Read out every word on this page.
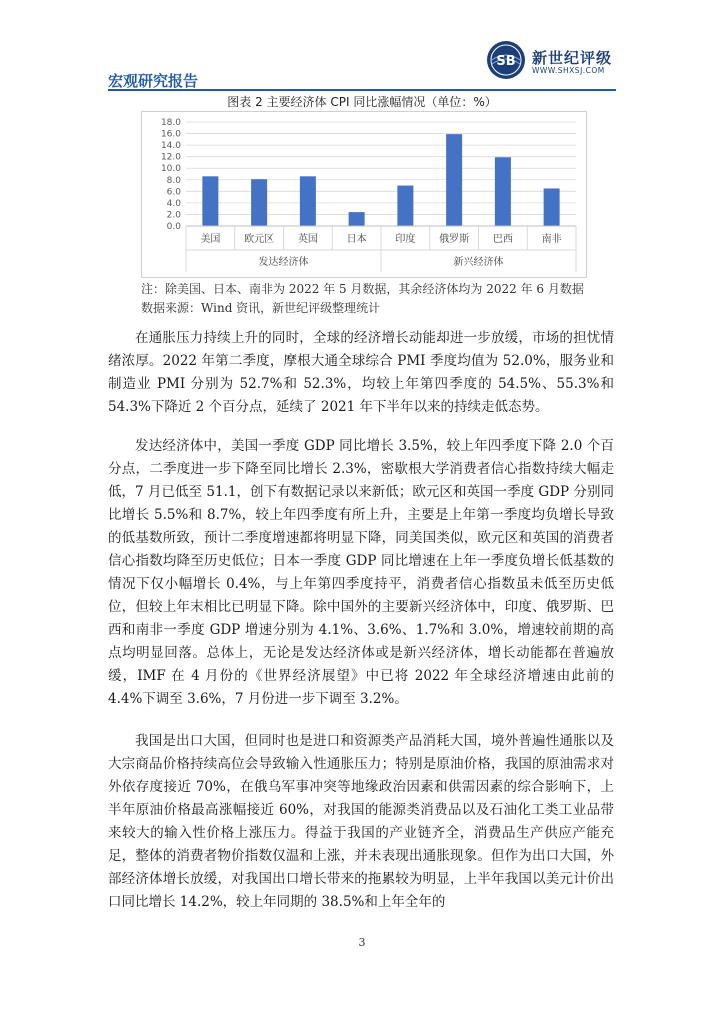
SB 新世纪评级
WWW.SHXSJ.COM
宏观研究报告
图表 2 主要经济体 CPI 同比涨幅情况（单位：%）
0.0
2.0
4.0
6.0
8.0
10.0
12.0
14.0
16.0
18.0
美国 欧元区 英国	日本	印度 俄罗斯 巴西	南非
发达经济体	新兴经济体
注：除美国、日本、南非为 2022 年 5 月数据，其余经济体均为 2022 年 6 月数据
数据来源：Wind 资讯，新世纪评级整理统计

在通胀压力持续上升的同时，全球的经济增长动能却进一步放缓，市场的担忧情绪浓厚。2022 年第二季度，摩根大通全球综合 PMI 季度均值为 52.0%，服务业和制造业 PMI 分别为 52.7%和 52.3%，均较上年第四季度的 54.5%、55.3%和 54.3%下降近 2 个百分点，延续了 2021 年下半年以来的持续走低态势。

发达经济体中，美国一季度 GDP 同比增长 3.5%，较上年四季度下降 2.0 个百分点，二季度进一步下降至同比增长 2.3%，密歇根大学消费者信心指数持续大幅走低，7 月已低至 51.1，创下有数据记录以来新低；欧元区和英国一季度 GDP 分别同比增长 5.5%和 8.7%，较上年四季度有所上升，主要是上年第一季度均负增长导致的低基数所致，预计二季度增速都将明显下降，同美国类似，欧元区和英国的消费者信心指数均降至历史低位；日本一季度 GDP 同比增速在上年一季度负增长低基数的情况下仅小幅增长 0.4%，与上年第四季度持平，消费者信心指数虽未低至历史低位，但较上年末相比已明显下降。除中国外的主要新兴经济体中，印度、俄罗斯、巴西和南非一季度 GDP 增速分别为 4.1%、3.6%、1.7%和 3.0%，增速较前期的高点均明显回落。总体上，无论是发达经济体或是新兴经济体，增长动能都在普遍放缓，IMF 在 4 月份的《世界经济展望》中已将 2022 年全球经济增速由此前的 4.4%下调至 3.6%，7 月份进一步下调至 3.2%。

我国是出口大国，但同时也是进口和资源类产品消耗大国，境外普遍性通胀以及大宗商品价格持续高位会导致输入性通胀压力；特别是原油价格，我国的原油需求对外依存度接近 70%，在俄乌军事冲突等地缘政治因素和供需因素的综合影响下，上半年原油价格最高涨幅接近 60%，对我国的能源类消费品以及石油化工类工业品带来较大的输入性价格上涨压力。得益于我国的产业链齐全，消费品生产供应产能充足，整体的消费者物价指数仅温和上涨，并未表现出通胀现象。但作为出口大国，外部经济体增长放缓，对我国出口增长带来的拖累较为明显，上半年我国以美元计价出口同比增长 14.2%，较上年同期的 38.5%和上年全年的

3
